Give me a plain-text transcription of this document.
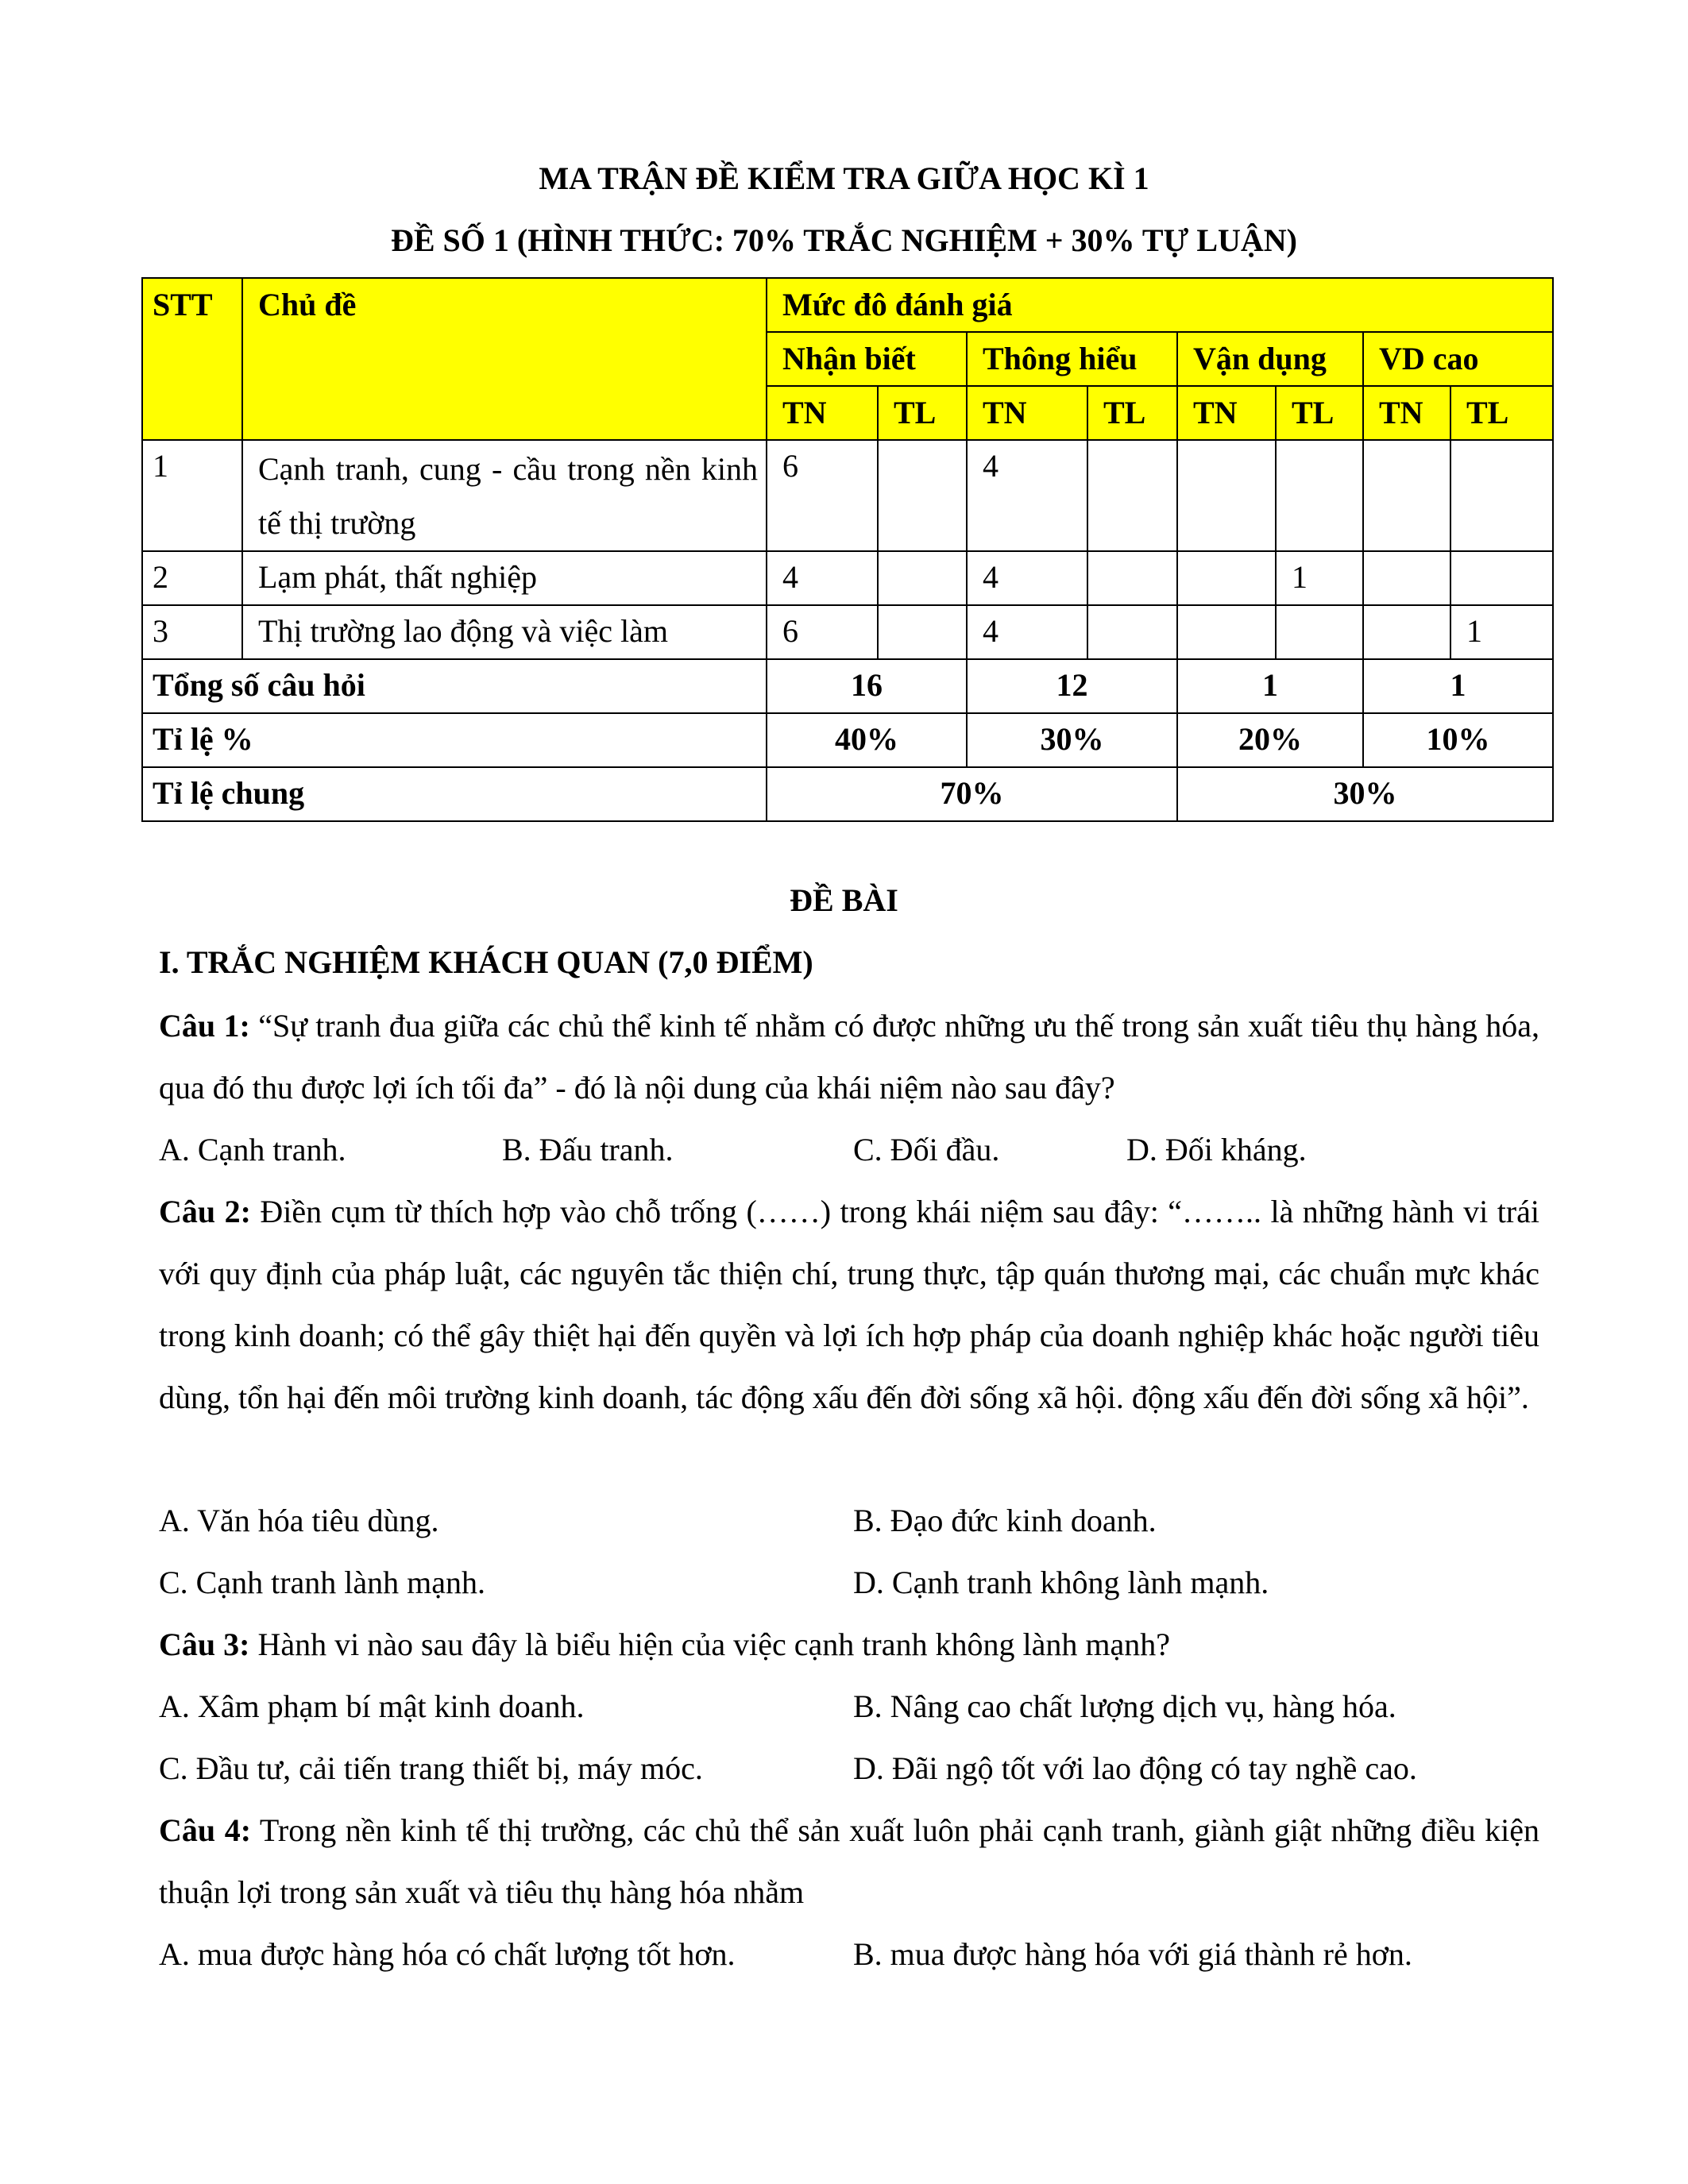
MA TRẬN ĐỀ KIỂM TRA GIỮA HỌC KÌ 1
ĐỀ SỐ 1 (HÌNH THỨC: 70% TRẮC NGHIỆM + 30% TỰ LUẬN)
STT	Chủ đề	Mức đô đánh giá							
		Nhận biết		Thông hiểu		Vận dụng		VD cao	
		TN	TL	TN	TL	TN	TL	TN	TL
1	Cạnh tranh, cung - cầu trong nền kinh tế thị trường	6		4					
2	Lạm phát, thất nghiệp	4		4			1		
3	Thị trường lao động và việc làm	6		4					1
Tổng số câu hỏi		16		12		1		1	
Tỉ lệ %		40%		30%		20%		10%	
Tỉ lệ chung		70%				30%			
ĐỀ BÀI
I. TRẮC NGHIỆM KHÁCH QUAN (7,0 ĐIỂM)
Câu 1: “Sự tranh đua giữa các chủ thể kinh tế nhằm có được những ưu thế trong sản xuất tiêu thụ hàng hóa, qua đó thu được lợi ích tối đa” - đó là nội dung của khái niệm nào sau đây?
A. Cạnh tranh.	B. Đấu tranh.	C. Đối đầu.	D. Đối kháng.
Câu 2: Điền cụm từ thích hợp vào chỗ trống (……) trong khái niệm sau đây: “…….. là những hành vi trái với quy định của pháp luật, các nguyên tắc thiện chí, trung thực, tập quán thương mại, các chuẩn mực khác trong kinh doanh; có thể gây thiệt hại đến quyền và lợi ích hợp pháp của doanh nghiệp khác hoặc người tiêu dùng, tổn hại đến môi trường kinh doanh, tác động xấu đến đời sống xã hội. động xấu đến đời sống xã hội”.
A. Văn hóa tiêu dùng.	B. Đạo đức kinh doanh.
C. Cạnh tranh lành mạnh.	D. Cạnh tranh không lành mạnh.
Câu 3: Hành vi nào sau đây là biểu hiện của việc cạnh tranh không lành mạnh?
A. Xâm phạm bí mật kinh doanh.	B. Nâng cao chất lượng dịch vụ, hàng hóa.
C. Đầu tư, cải tiến trang thiết bị, máy móc.	D. Đãi ngộ tốt với lao động có tay nghề cao.
Câu 4: Trong nền kinh tế thị trường, các chủ thể sản xuất luôn phải cạnh tranh, giành giật những điều kiện thuận lợi trong sản xuất và tiêu thụ hàng hóa nhằm
A. mua được hàng hóa có chất lượng tốt hơn.	B. mua được hàng hóa với giá thành rẻ hơn.
